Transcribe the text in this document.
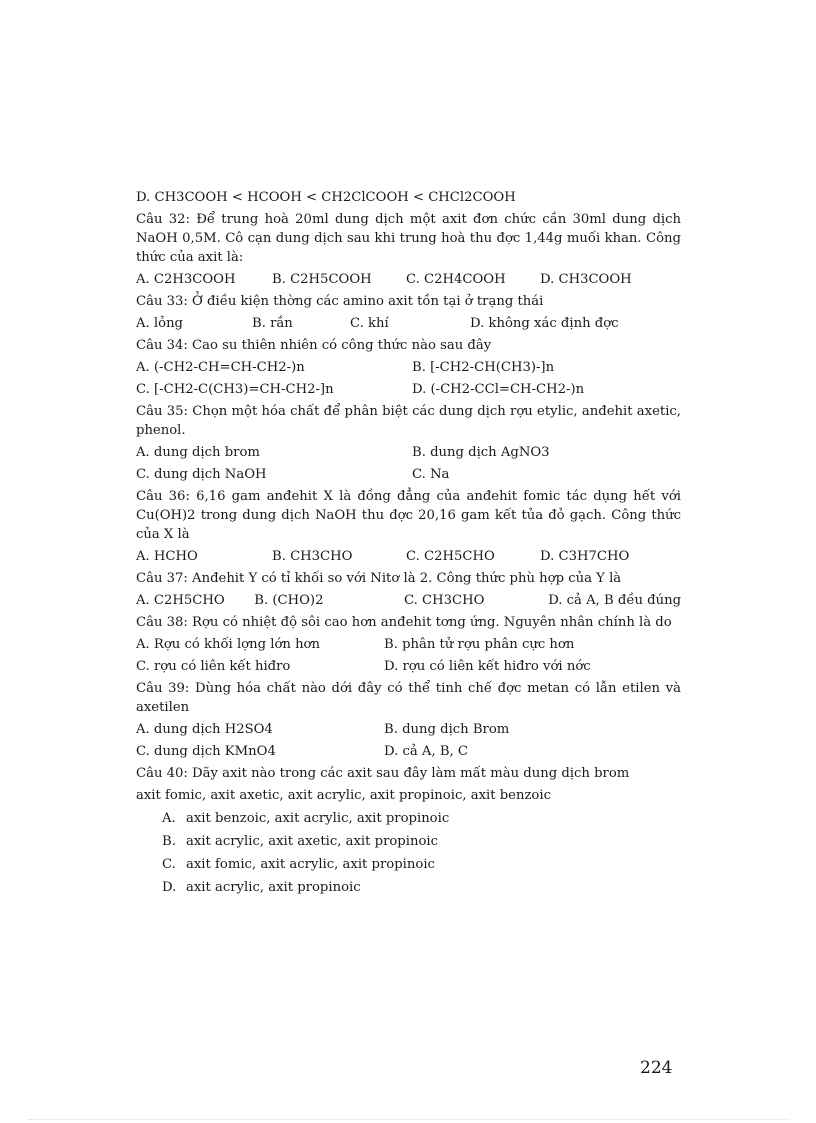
D. CH3COOH < HCOOH < CH2ClCOOH < CHCl2COOH

Câu 32: Để trung hoà 20ml dung dịch một axit đơn chức cần 30ml dung dịch NaOH 0,5M. Cô cạn dung dịch sau khi trung hoà thu đợc 1,44g muối khan. Công thức của axit là:

A. C2H3COOH	B. C2H5COOH	C. C2H4COOH	D. CH3COOH
Câu 33: Ở điều kiện thờng các amino axit tồn tại ở trạng thái
A. lỏng	B. rắn	C. khí	D. không xác định đợc
Câu 34: Cao su thiên nhiên có công thức nào sau đây
A. (-CH2-CH=CH-CH2-)n	B. [-CH2-CH(CH3)-]n
C. [-CH2-C(CH3)=CH-CH2-]n	D. (-CH2-CCl=CH-CH2-)n

Câu 35: Chọn một hóa chất để phân biệt các dung dịch rợu etylic, anđehit axetic, phenol.

A. dung dịch brom	B. dung dịch AgNO3
C. dung dịch NaOH	C. Na

Câu 36: 6,16 gam anđehit X là đồng đẳng của anđehit fomic tác dụng hết với Cu(OH)2 trong dung dịch NaOH thu đợc 20,16 gam kết tủa đỏ gạch. Công thức của X là

A. HCHO	B. CH3CHO	C. C2H5CHO	D. C3H7CHO
Câu 37: Anđehit Y có tỉ khối so với Nitơ là 2. Công thức phù hợp của Y là
A. C2H5CHO	B. (CHO)2	C. CH3CHO	D. cả A, B đều đúng
Câu 38: Rợu có nhiệt độ sôi cao hơn anđehit tơng ứng. Nguyên nhân chính là do
A. Rợu có khối lợng lớn hơn	B. phân tử rợu phân cực hơn
C. rợu có liên kết hiđro	D. rợu có liên kết hiđro với nớc

Câu 39: Dùng hóa chất nào dới đây có thể tinh chế đợc metan có lẫn etilen và axetilen

A. dung dịch H2SO4	B. dung dịch Brom
C. dung dịch KMnO4	D. cả A, B, C
Câu 40: Dãy axit nào trong các axit sau đây làm mất màu dung dịch brom
axit fomic, axit axetic, axit acrylic, axit propinoic, axit benzoic
A. axit benzoic, axit acrylic, axit propinoic
B. axit acrylic, axit axetic, axit propinoic
C. axit fomic, axit acrylic, axit propinoic
D. axit acrylic, axit propinoic
224
